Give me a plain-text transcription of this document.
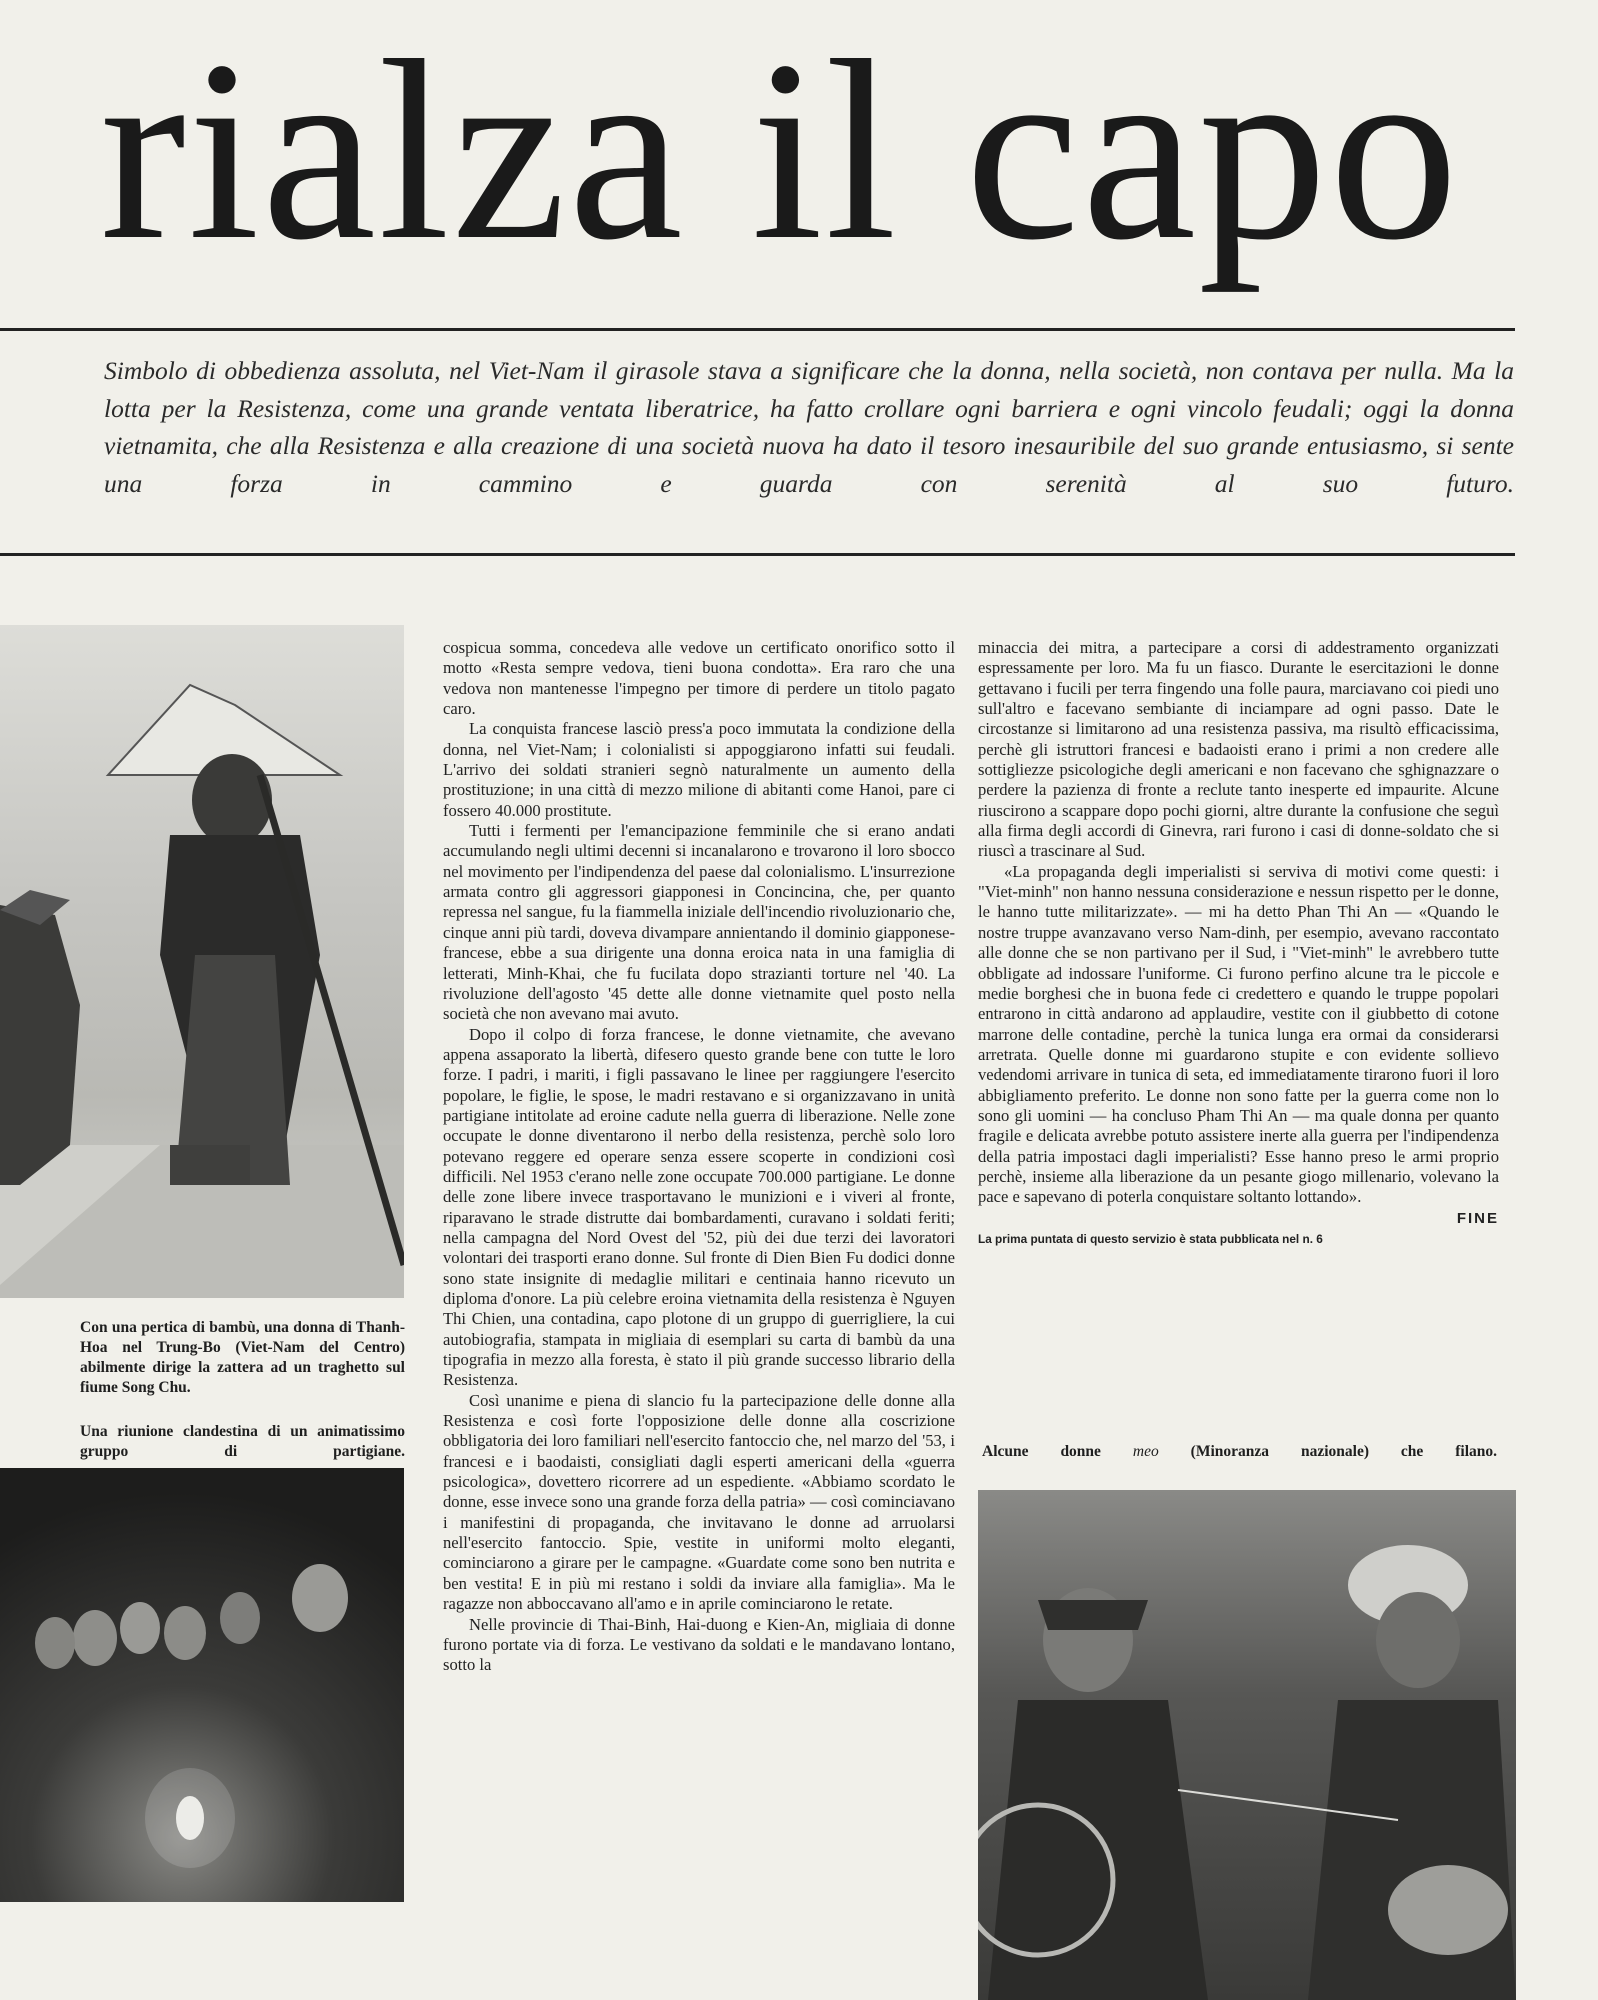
rialza il capo
Simbolo di obbedienza assoluta, nel Viet-Nam il girasole stava a significare che la donna, nella società, non contava per nulla. Ma la lotta per la Resistenza, come una grande ventata liberatrice, ha fatto crollare ogni barriera e ogni vincolo feudali; oggi la donna vietnamita, che alla Resistenza e alla creazione di una società nuova ha dato il tesoro inesauribile del suo grande entusiasmo, si sente una forza in cammino e guarda con serenità al suo futuro.
Con una pertica di bambù, una donna di Thanh-Hoa nel Trung-Bo (Viet-Nam del Centro) abilmente dirige la zattera ad un traghetto sul fiume Song Chu.
Una riunione clandestina di un animatissimo gruppo di partigiane.	Alcune donne meo (Minoranza nazionale) che filano.

cospicua somma, concedeva alle vedove un certificato onorifico sotto il motto «Resta sempre vedova, tieni buona condotta». Era raro che una vedova non mantenesse l'impegno per timore di perdere un titolo pagato caro.

La conquista francese lasciò press'a poco immutata la condizione della donna, nel Viet-Nam; i colonialisti si appoggiarono infatti sui feudali. L'arrivo dei soldati stranieri segnò naturalmente un aumento della prostituzione; in una città di mezzo milione di abitanti come Hanoi, pare ci fossero 40.000 prostitute.

Tutti i fermenti per l'emancipazione femminile che si erano andati accumulando negli ultimi decenni si incanalarono e trovarono il loro sbocco nel movimento per l'indipendenza del paese dal colonialismo. L'insurrezione armata contro gli aggressori giapponesi in Concincina, che, per quanto repressa nel sangue, fu la fiammella iniziale dell'incendio rivoluzionario che, cinque anni più tardi, doveva divampare annientando il dominio giapponese-francese, ebbe a sua dirigente una donna eroica nata in una famiglia di letterati, Minh-Khai, che fu fucilata dopo strazianti torture nel '40. La rivoluzione dell'agosto '45 dette alle donne vietnamite quel posto nella società che non avevano mai avuto.

Dopo il colpo di forza francese, le donne vietnamite, che avevano appena assaporato la libertà, difesero questo grande bene con tutte le loro forze. I padri, i mariti, i figli passavano le linee per raggiungere l'esercito popolare, le figlie, le spose, le madri restavano e si organizzavano in unità partigiane intitolate ad eroine cadute nella guerra di liberazione. Nelle zone occupate le donne diventarono il nerbo della resistenza, perchè solo loro potevano reggere ed operare senza essere scoperte in condizioni così difficili. Nel 1953 c'erano nelle zone occupate 700.000 partigiane. Le donne delle zone libere invece trasportavano le munizioni e i viveri al fronte, riparavano le strade distrutte dai bombardamenti, curavano i soldati feriti; nella campagna del Nord Ovest del '52, più dei due terzi dei lavoratori volontari dei trasporti erano donne. Sul fronte di Dien Bien Fu dodici donne sono state insignite di medaglie militari e centinaia hanno ricevuto un diploma d'onore. La più celebre eroina vietnamita della resistenza è Nguyen Thi Chien, una contadina, capo plotone di un gruppo di guerrigliere, la cui autobiografia, stampata in migliaia di esemplari su carta di bambù da una tipografia in mezzo alla foresta, è stato il più grande successo librario della Resistenza.

Così unanime e piena di slancio fu la partecipazione delle donne alla Resistenza e così forte l'opposizione delle donne alla coscrizione obbligatoria dei loro familiari nell'esercito fantoccio che, nel marzo del '53, i francesi e i baodaisti, consigliati dagli esperti americani della «guerra psicologica», dovettero ricorrere ad un espediente. «Abbiamo scordato le donne, esse invece sono una grande forza della patria» — così cominciavano i manifestini di propaganda, che invitavano le donne ad arruolarsi nell'esercito fantoccio. Spie, vestite in uniformi molto eleganti, cominciarono a girare per le campagne. «Guardate come sono ben nutrita e ben vestita! E in più mi restano i soldi da inviare alla famiglia». Ma le ragazze non abboccavano all'amo e in aprile cominciarono le retate.

Nelle provincie di Thai-Binh, Hai-duong e Kien-An, migliaia di donne furono portate via di forza. Le vestivano da soldati e le mandavano lontano, sotto la

minaccia dei mitra, a partecipare a corsi di addestramento organizzati espressamente per loro. Ma fu un fiasco. Durante le esercitazioni le donne gettavano i fucili per terra fingendo una folle paura, marciavano coi piedi uno sull'altro e facevano sembiante di inciampare ad ogni passo. Date le circostanze si limitarono ad una resistenza passiva, ma risultò efficacissima, perchè gli istruttori francesi e badaoisti erano i primi a non credere alle sottigliezze psicologiche degli americani e non facevano che sghignazzare o perdere la pazienza di fronte a reclute tanto inesperte ed impaurite. Alcune riuscirono a scappare dopo pochi giorni, altre durante la confusione che seguì alla firma degli accordi di Ginevra, rari furono i casi di donne-soldato che si riuscì a trascinare al Sud.

«La propaganda degli imperialisti si serviva di motivi come questi: i "Viet-minh" non hanno nessuna considerazione e nessun rispetto per le donne, le hanno tutte militarizzate». — mi ha detto Phan Thi An — «Quando le nostre truppe avanzavano verso Nam-dinh, per esempio, avevano raccontato alle donne che se non partivano per il Sud, i "Viet-minh" le avrebbero tutte obbligate ad indossare l'uniforme. Ci furono perfino alcune tra le piccole e medie borghesi che in buona fede ci credettero e quando le truppe popolari entrarono in città andarono ad applaudire, vestite con il giubbetto di cotone marrone delle contadine, perchè la tunica lunga era ormai da considerarsi arretrata. Quelle donne mi guardarono stupite e con evidente sollievo vedendomi arrivare in tunica di seta, ed immediatamente tirarono fuori il loro abbigliamento preferito. Le donne non sono fatte per la guerra come non lo sono gli uomini — ha concluso Pham Thi An — ma quale donna per quanto fragile e delicata avrebbe potuto assistere inerte alla guerra per l'indipendenza della patria impostaci dagli imperialisti? Esse hanno preso le armi proprio perchè, insieme alla liberazione da un pesante giogo millenario, volevano la pace e sapevano di poterla conquistare soltanto lottando».

FINE
La prima puntata di questo servizio è stata pubblicata nel n. 6
